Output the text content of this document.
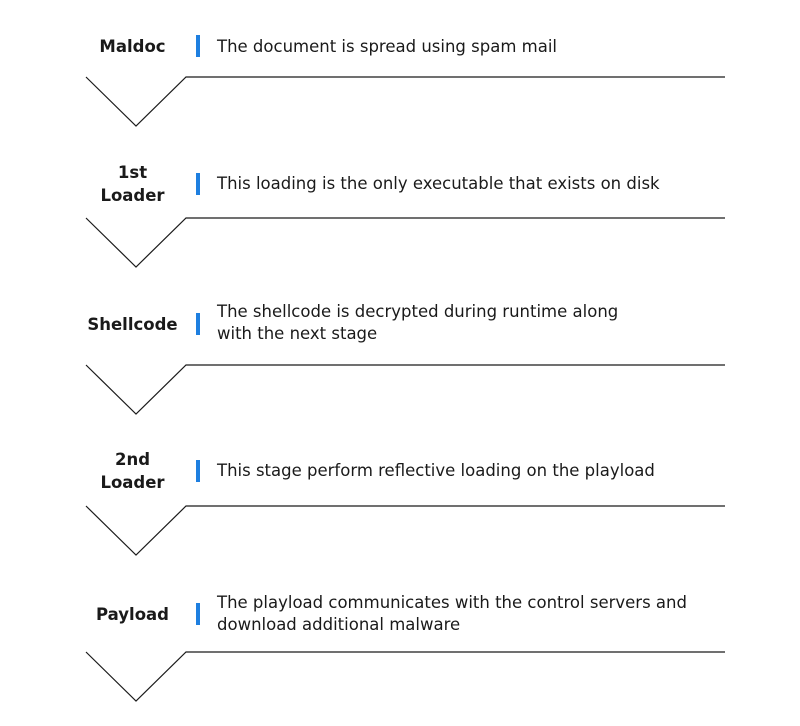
Maldoc	The document is spread using spam mail
1st
Loader
This loading is the only executable that exists on disk
Shellcode
The shellcode is decrypted during runtime along
with the next stage
2nd
Loader
This stage perform reflective loading on the playload
Payload
The playload communicates with the control servers and
download additional malware
